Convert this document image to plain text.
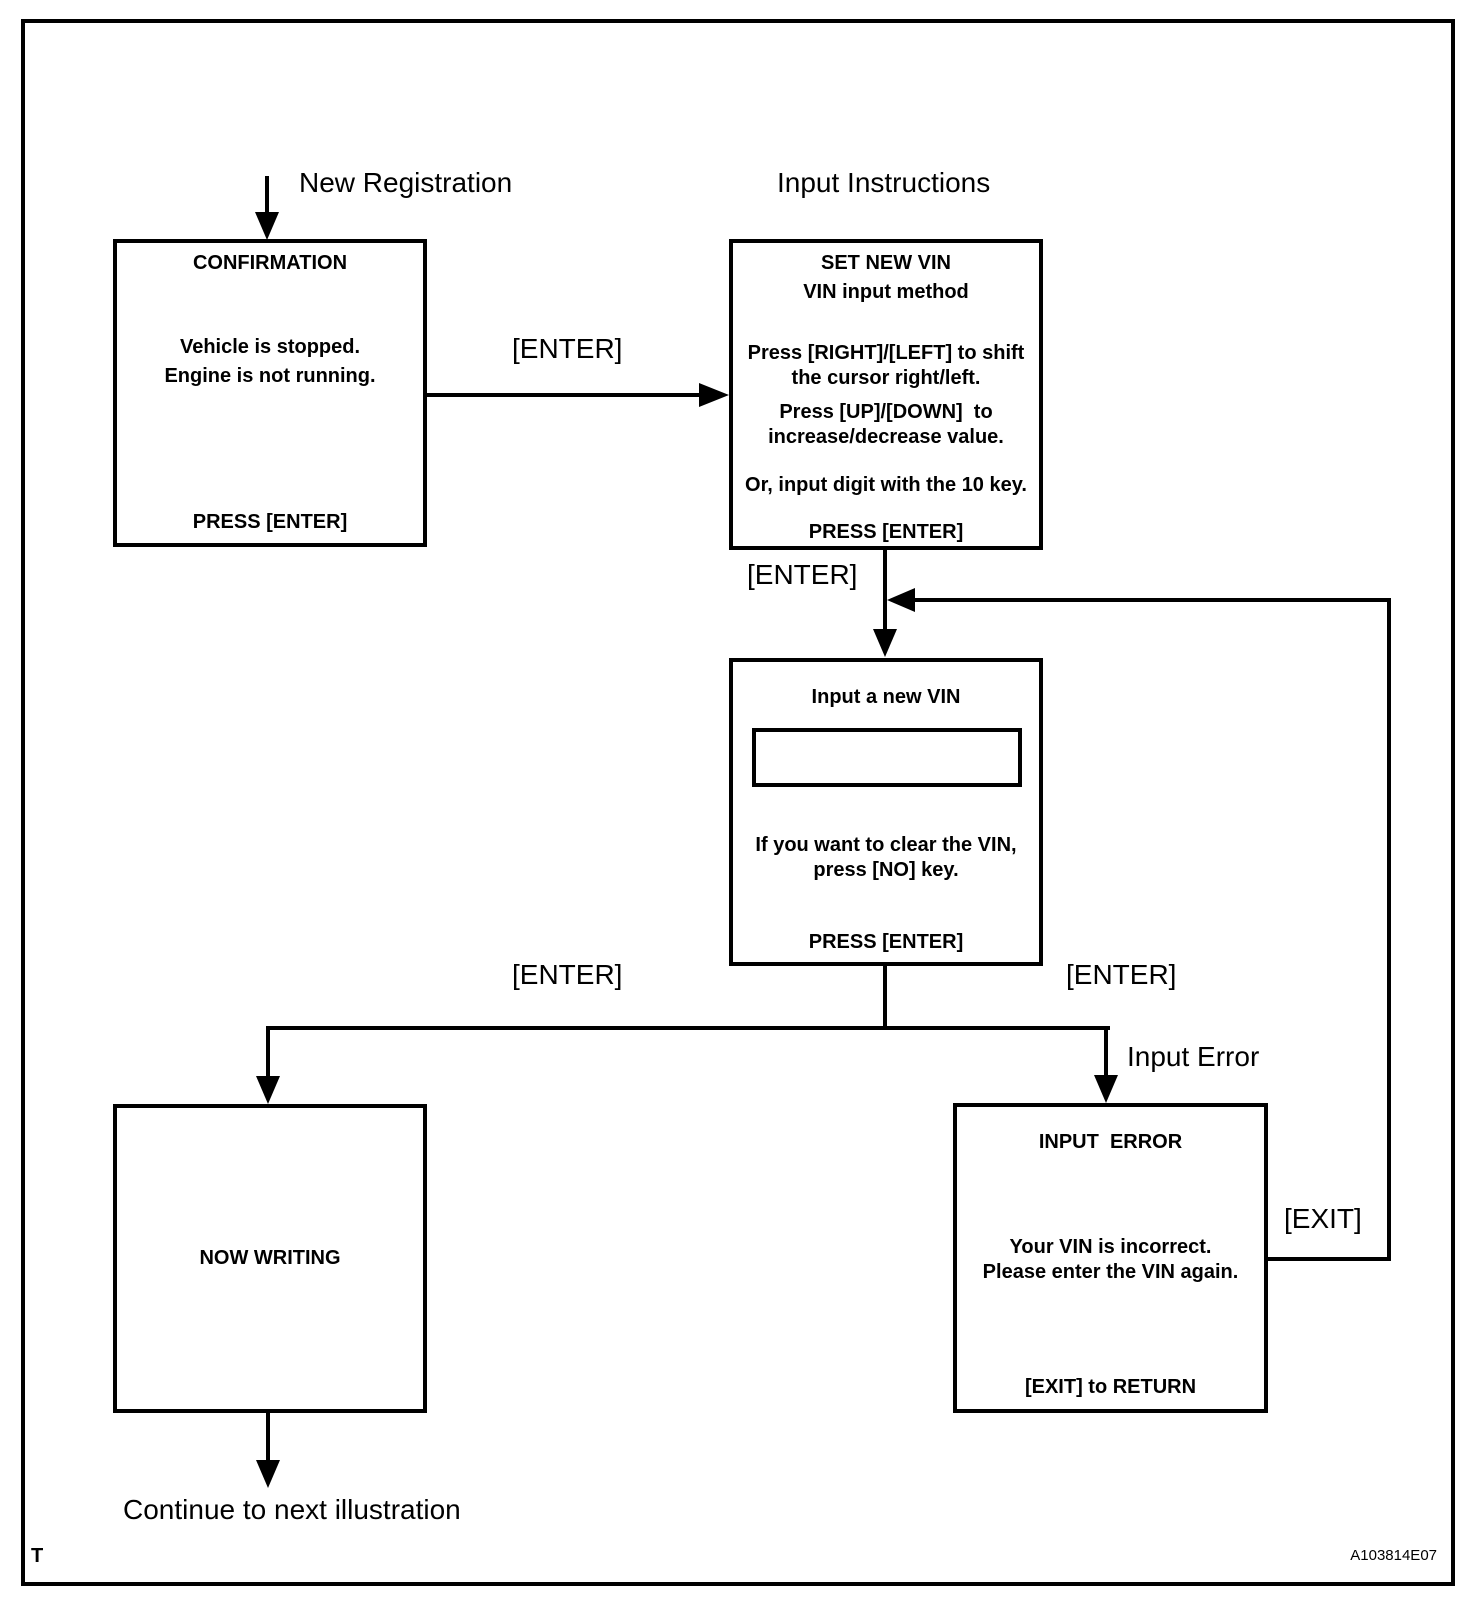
New Registration	Input Instructions
[ENTER]
[ENTER]
[ENTER]	[ENTER]
Input Error
[EXIT]
Continue to next illustration
CONFIRMATION
Vehicle is stopped.
Engine is not running.
PRESS [ENTER]
SET NEW VIN
VIN input method
Press [RIGHT]/[LEFT] to shift
the cursor right/left.
Press [UP]/[DOWN]  to
increase/decrease value.
Or, input digit with the 10 key.
PRESS [ENTER]
Input a new VIN
If you want to clear the VIN,
press [NO] key.
PRESS [ENTER]
NOW WRITING
INPUT  ERROR
Your VIN is incorrect.
Please enter the VIN again.
[EXIT] to RETURN
T	A103814E07
